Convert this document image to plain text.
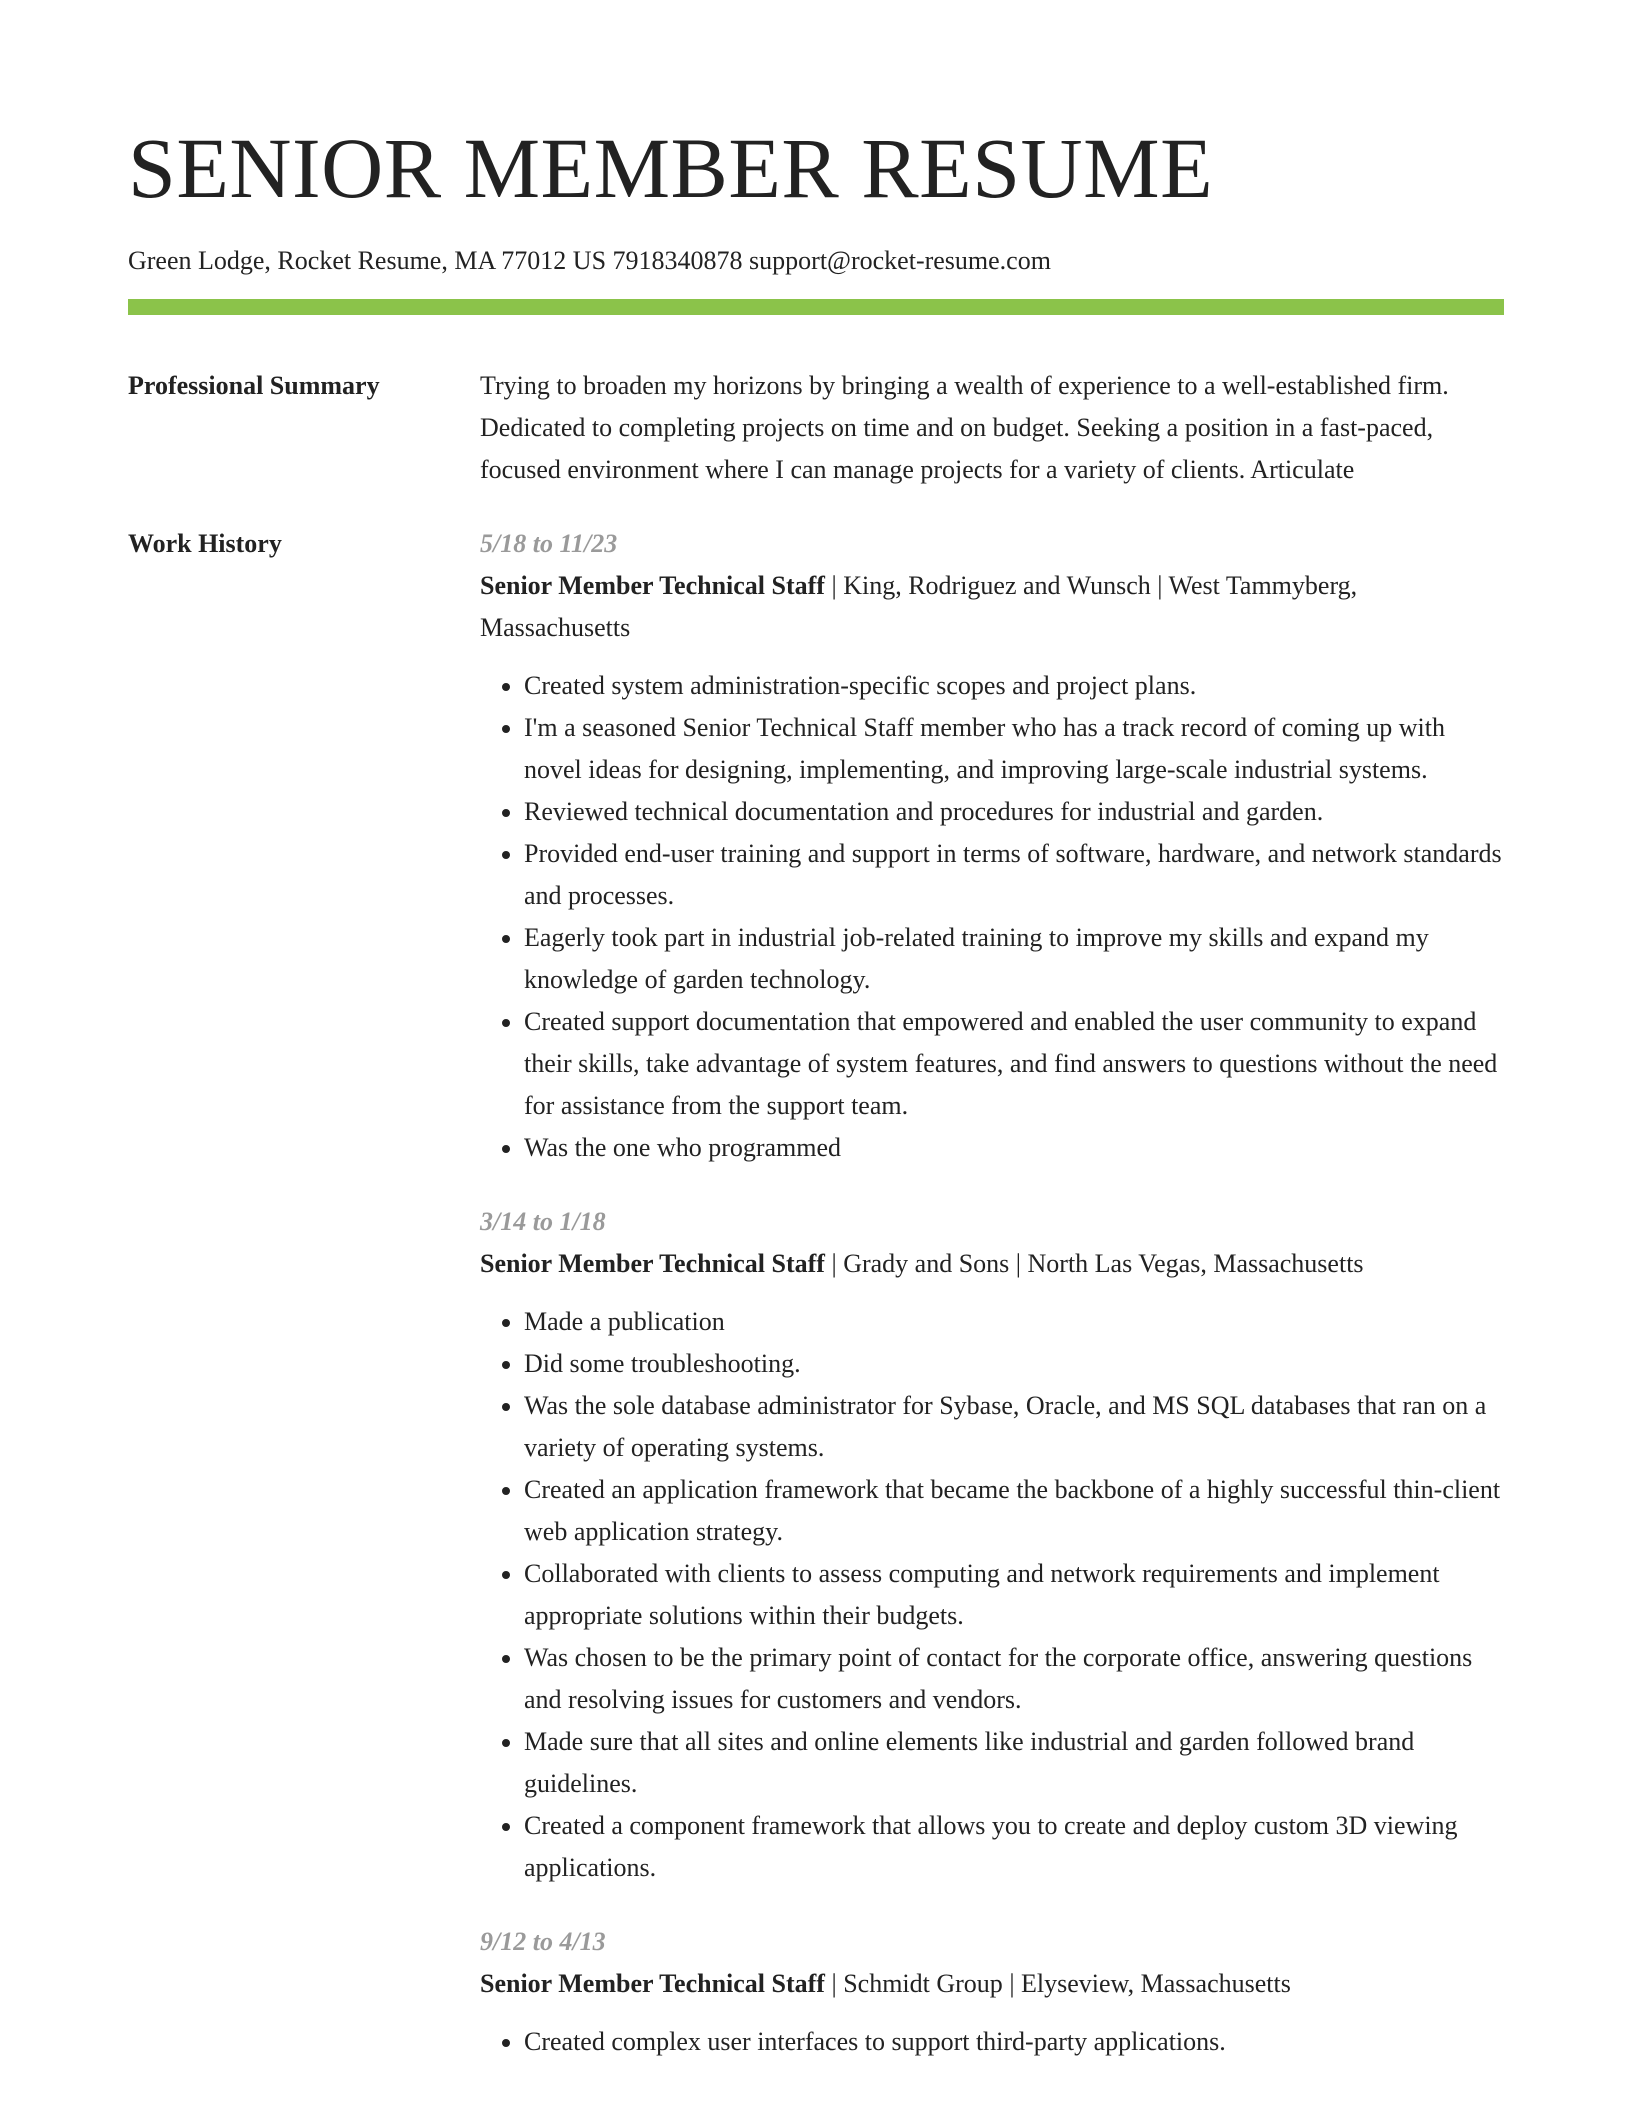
SENIOR MEMBER RESUME
Green Lodge, Rocket Resume, MA 77012 US 7918340878 support@rocket-resume.com
Professional Summary	Trying to broaden my horizons by bringing a wealth of experience to a well-established firm. Dedicated to completing projects on time and on budget. Seeking a position in a fast-paced, focused environment where I can manage projects for a variety of clients. Articulate

Work History	5/18 to 11/23
Senior Member Technical Staff | King, Rodriguez and Wunsch | West Tammyberg, Massachusetts
• Created system administration-specific scopes and project plans.
• I'm a seasoned Senior Technical Staff member who has a track record of coming up with novel ideas for designing, implementing, and improving large-scale industrial systems.
• Reviewed technical documentation and procedures for industrial and garden.
• Provided end-user training and support in terms of software, hardware, and network standards and processes.
• Eagerly took part in industrial job-related training to improve my skills and expand my knowledge of garden technology.
• Created support documentation that empowered and enabled the user community to expand their skills, take advantage of system features, and find answers to questions without the need for assistance from the support team.
• Was the one who programmed
3/14 to 1/18
Senior Member Technical Staff | Grady and Sons | North Las Vegas, Massachusetts
• Made a publication
• Did some troubleshooting.
• Was the sole database administrator for Sybase, Oracle, and MS SQL databases that ran on a variety of operating systems.
• Created an application framework that became the backbone of a highly successful thin-client web application strategy.
• Collaborated with clients to assess computing and network requirements and implement appropriate solutions within their budgets.
• Was chosen to be the primary point of contact for the corporate office, answering questions and resolving issues for customers and vendors.
• Made sure that all sites and online elements like industrial and garden followed brand guidelines.
• Created a component framework that allows you to create and deploy custom 3D viewing applications.
9/12 to 4/13
Senior Member Technical Staff | Schmidt Group | Elyseview, Massachusetts
• Created complex user interfaces to support third-party applications.
